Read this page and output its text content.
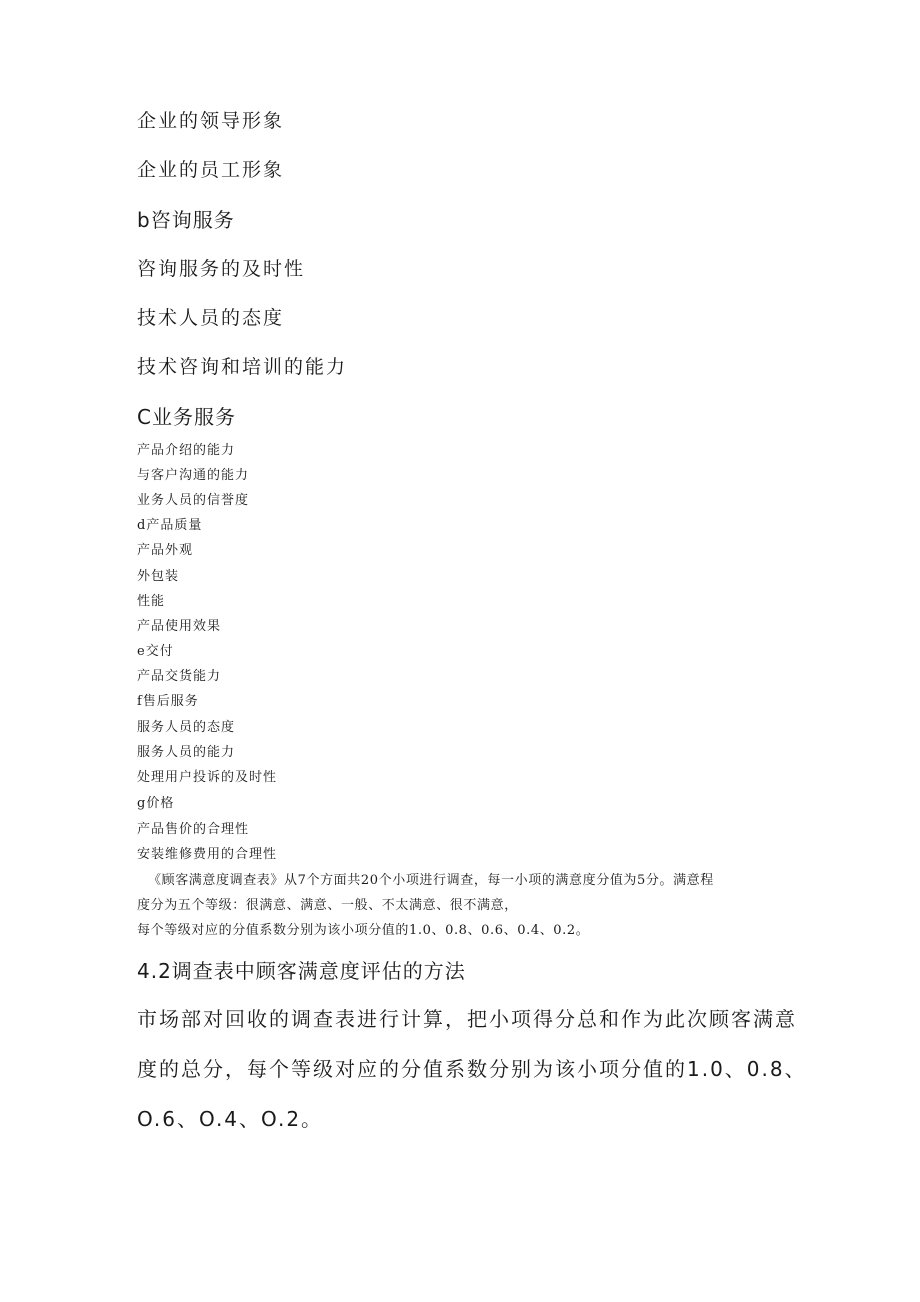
企业的领导形象
企业的员工形象
b咨询服务
咨询服务的及时性
技术人员的态度
技术咨询和培训的能力
C业务服务
产品介绍的能力
与客户沟通的能力
业务人员的信誉度
d产品质量
产品外观
外包装
性能
产品使用效果
e交付
产品交货能力
f售后服务
服务人员的态度
服务人员的能力
处理用户投诉的及时性
g价格
产品售价的合理性
安装维修费用的合理性
《顾客满意度调查表》从7个方面共20个小项进行调查，每一小项的满意度分值为5分。满意程
度分为五个等级：很满意、满意、一般、不太满意、很不满意，
每个等级对应的分值系数分别为该小项分值的1.0、0.8、0.6、0.4、0.2。
4.2调查表中顾客满意度评估的方法
市场部对回收的调查表进行计算，把小项得分总和作为此次顾客满意
度的总分，每个等级对应的分值系数分别为该小项分值的1.0、0.8、
O.6、O.4、O.2。
